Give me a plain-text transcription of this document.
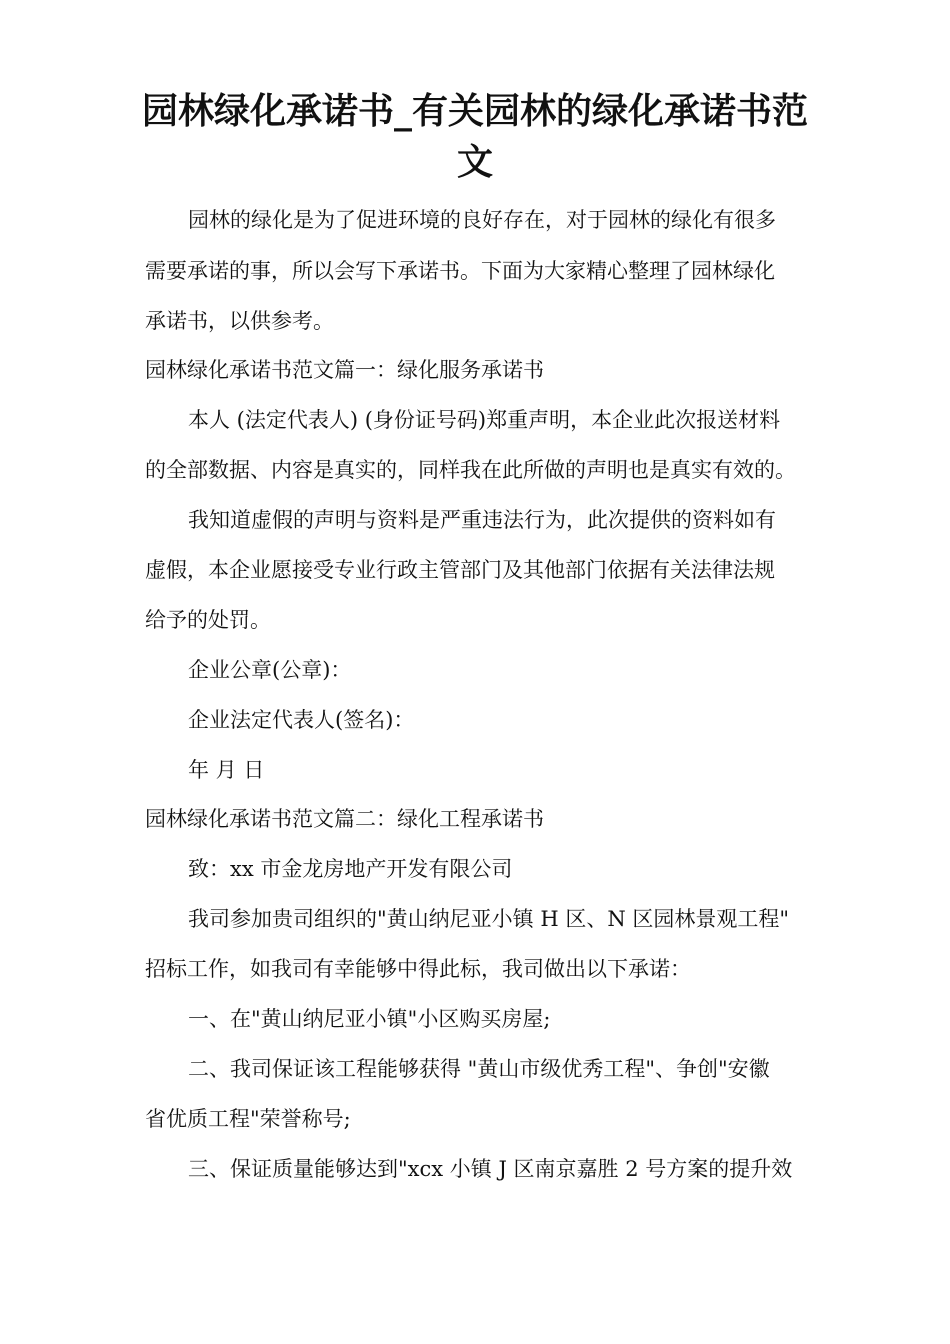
园林绿化承诺书_有关园林的绿化承诺书范
文

园林的绿化是为了促进环境的良好存在，对于园林的绿化有很多

需要承诺的事，所以会写下承诺书。下面为大家精心整理了园林绿化

承诺书，以供参考。

园林绿化承诺书范文篇一：绿化服务承诺书

本人 (法定代表人) (身份证号码)郑重声明，本企业此次报送材料

的全部数据、内容是真实的，同样我在此所做的声明也是真实有效的。

我知道虚假的声明与资料是严重违法行为，此次提供的资料如有

虚假，本企业愿接受专业行政主管部门及其他部门依据有关法律法规

给予的处罚。

企业公章(公章)：

企业法定代表人(签名)：

年 月 日

园林绿化承诺书范文篇二：绿化工程承诺书

致：xx 市金龙房地产开发有限公司

我司参加贵司组织的"黄山纳尼亚小镇 H 区、N 区园林景观工程"

招标工作，如我司有幸能够中得此标，我司做出以下承诺：

一、在"黄山纳尼亚小镇"小区购买房屋;

二、我司保证该工程能够获得 "黄山市级优秀工程"、争创"安徽

省优质工程"荣誉称号;

三、保证质量能够达到"xcx 小镇 J 区南京嘉胜 2 号方案的提升效
